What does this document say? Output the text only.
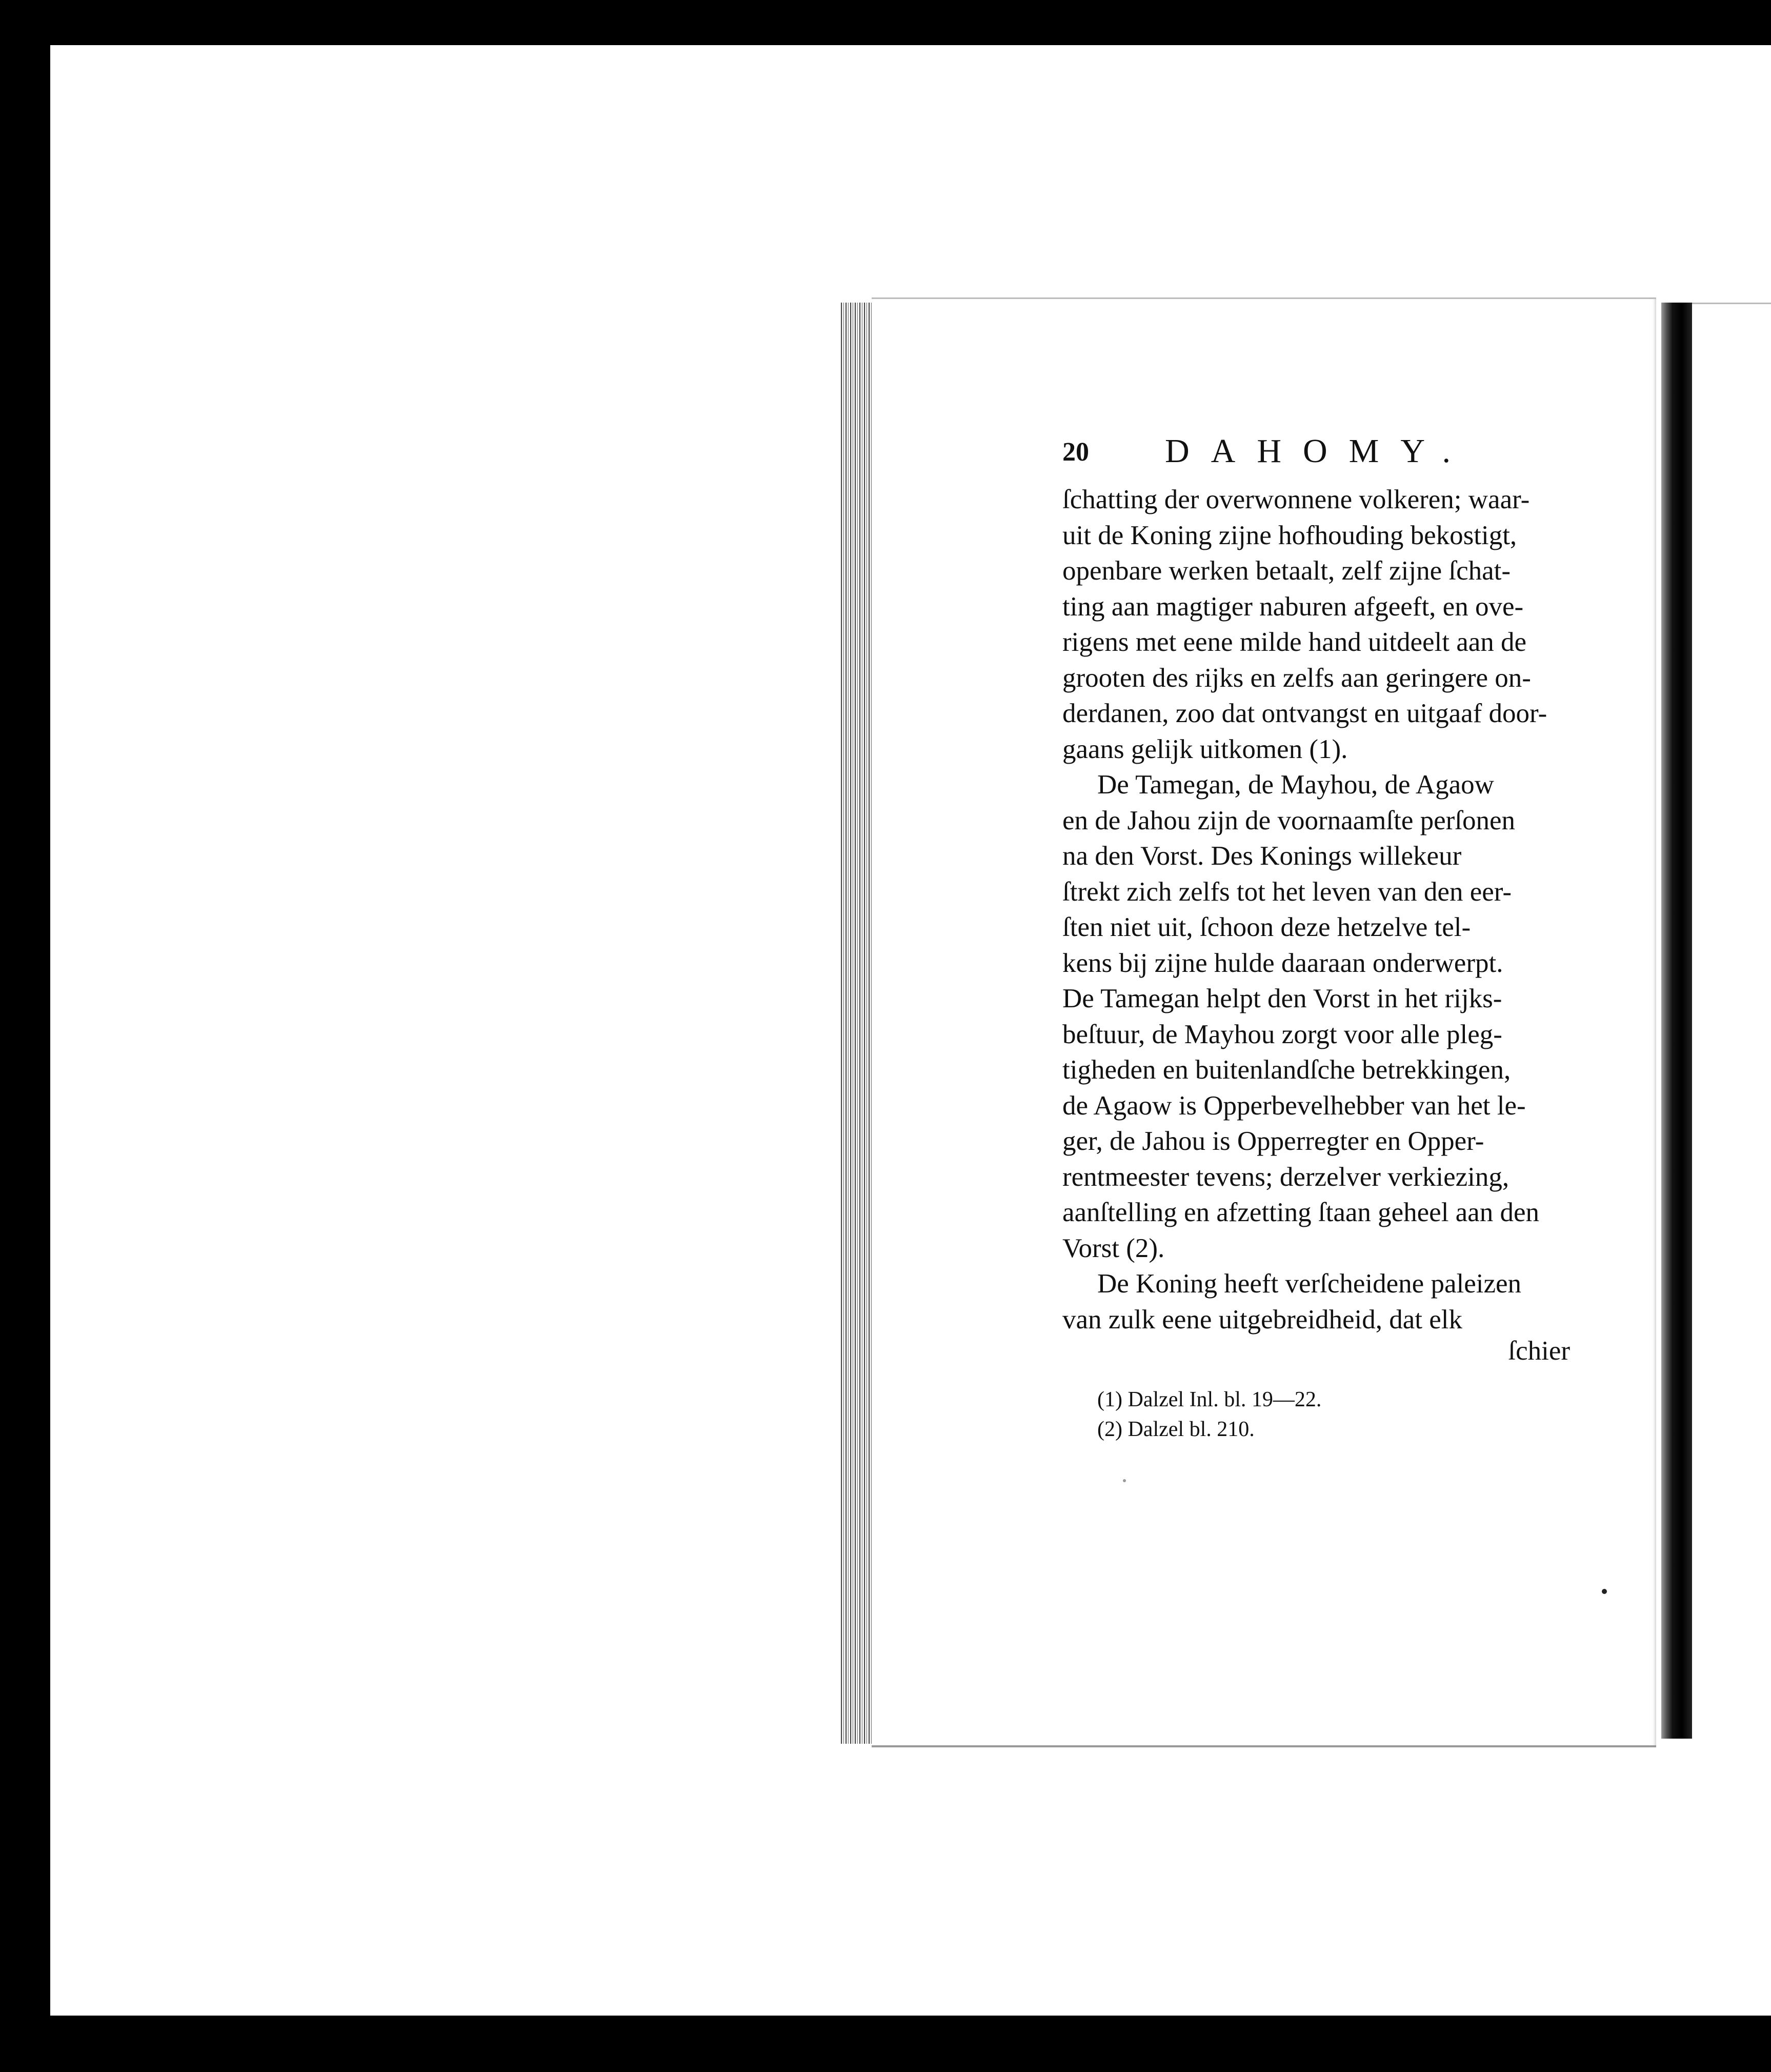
20 DAHOMY.

ſchatting der overwonnene volkeren; waar-

uit de Koning zijne hofhouding bekostigt,

openbare werken betaalt, zelf zijne ſchat-

ting aan magtiger naburen afgeeft, en ove-

rigens met eene milde hand uitdeelt aan de

grooten des rijks en zelfs aan geringere on-

derdanen, zoo dat ontvangst en uitgaaf door-

gaans gelijk uitkomen (1).

De Tamegan, de Mayhou, de Agaow

en de Jahou zijn de voornaamſte perſonen

na den Vorst. Des Konings willekeur

ſtrekt zich zelfs tot het leven van den eer-

ſten niet uit, ſchoon deze hetzelve tel-

kens bij zijne hulde daaraan onderwerpt.

De Tamegan helpt den Vorst in het rijks-

beſtuur, de Mayhou zorgt voor alle pleg-

tigheden en buitenlandſche betrekkingen,

de Agaow is Opperbevelhebber van het le-

ger, de Jahou is Opperregter en Opper-

rentmeester tevens; derzelver verkiezing,

aanſtelling en afzetting ſtaan geheel aan den

Vorst (2).

De Koning heeft verſcheidene paleizen

van zulk eene uitgebreidheid, dat elk

ſchier
(1) Dalzel Inl. bl. 19—22.
(2) Dalzel bl. 210.
